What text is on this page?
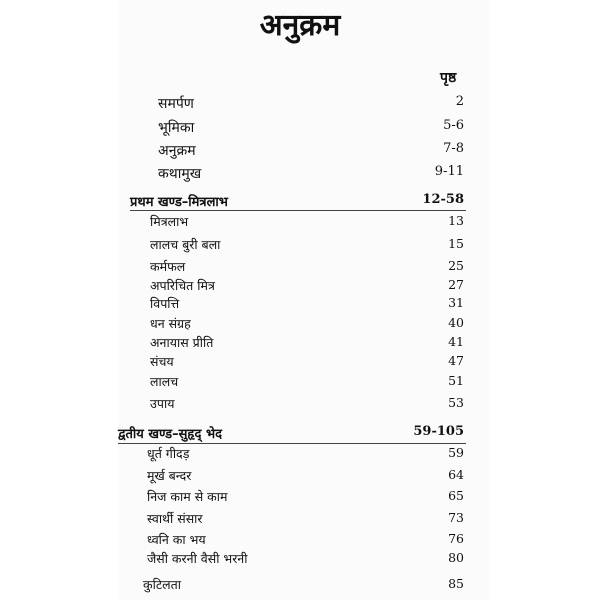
अनुक्रम
पृष्ठ
समर्पण	2
भूमिका	5-6
अनुक्रम	7-8
कथामुख	9-11
प्रथम खण्ड–मित्रलाभ	12-58
मित्रलाभ	13
लालच बुरी बला	15
कर्मफल	25
अपरिचित मित्र	27
विपत्ति	31
धन संग्रह	40
अनायास प्रीति	41
संचय	47
लालच	51
उपाय	53
द्वतीय खण्ड–सुहृद् भेद	59-105
धूर्त गीदड़	59
मूर्ख बन्दर	64
निज काम से काम	65
स्वार्थी संसार	73
ध्वनि का भय	76
जैसी करनी वैसी भरनी	80
कुटिलता	85
